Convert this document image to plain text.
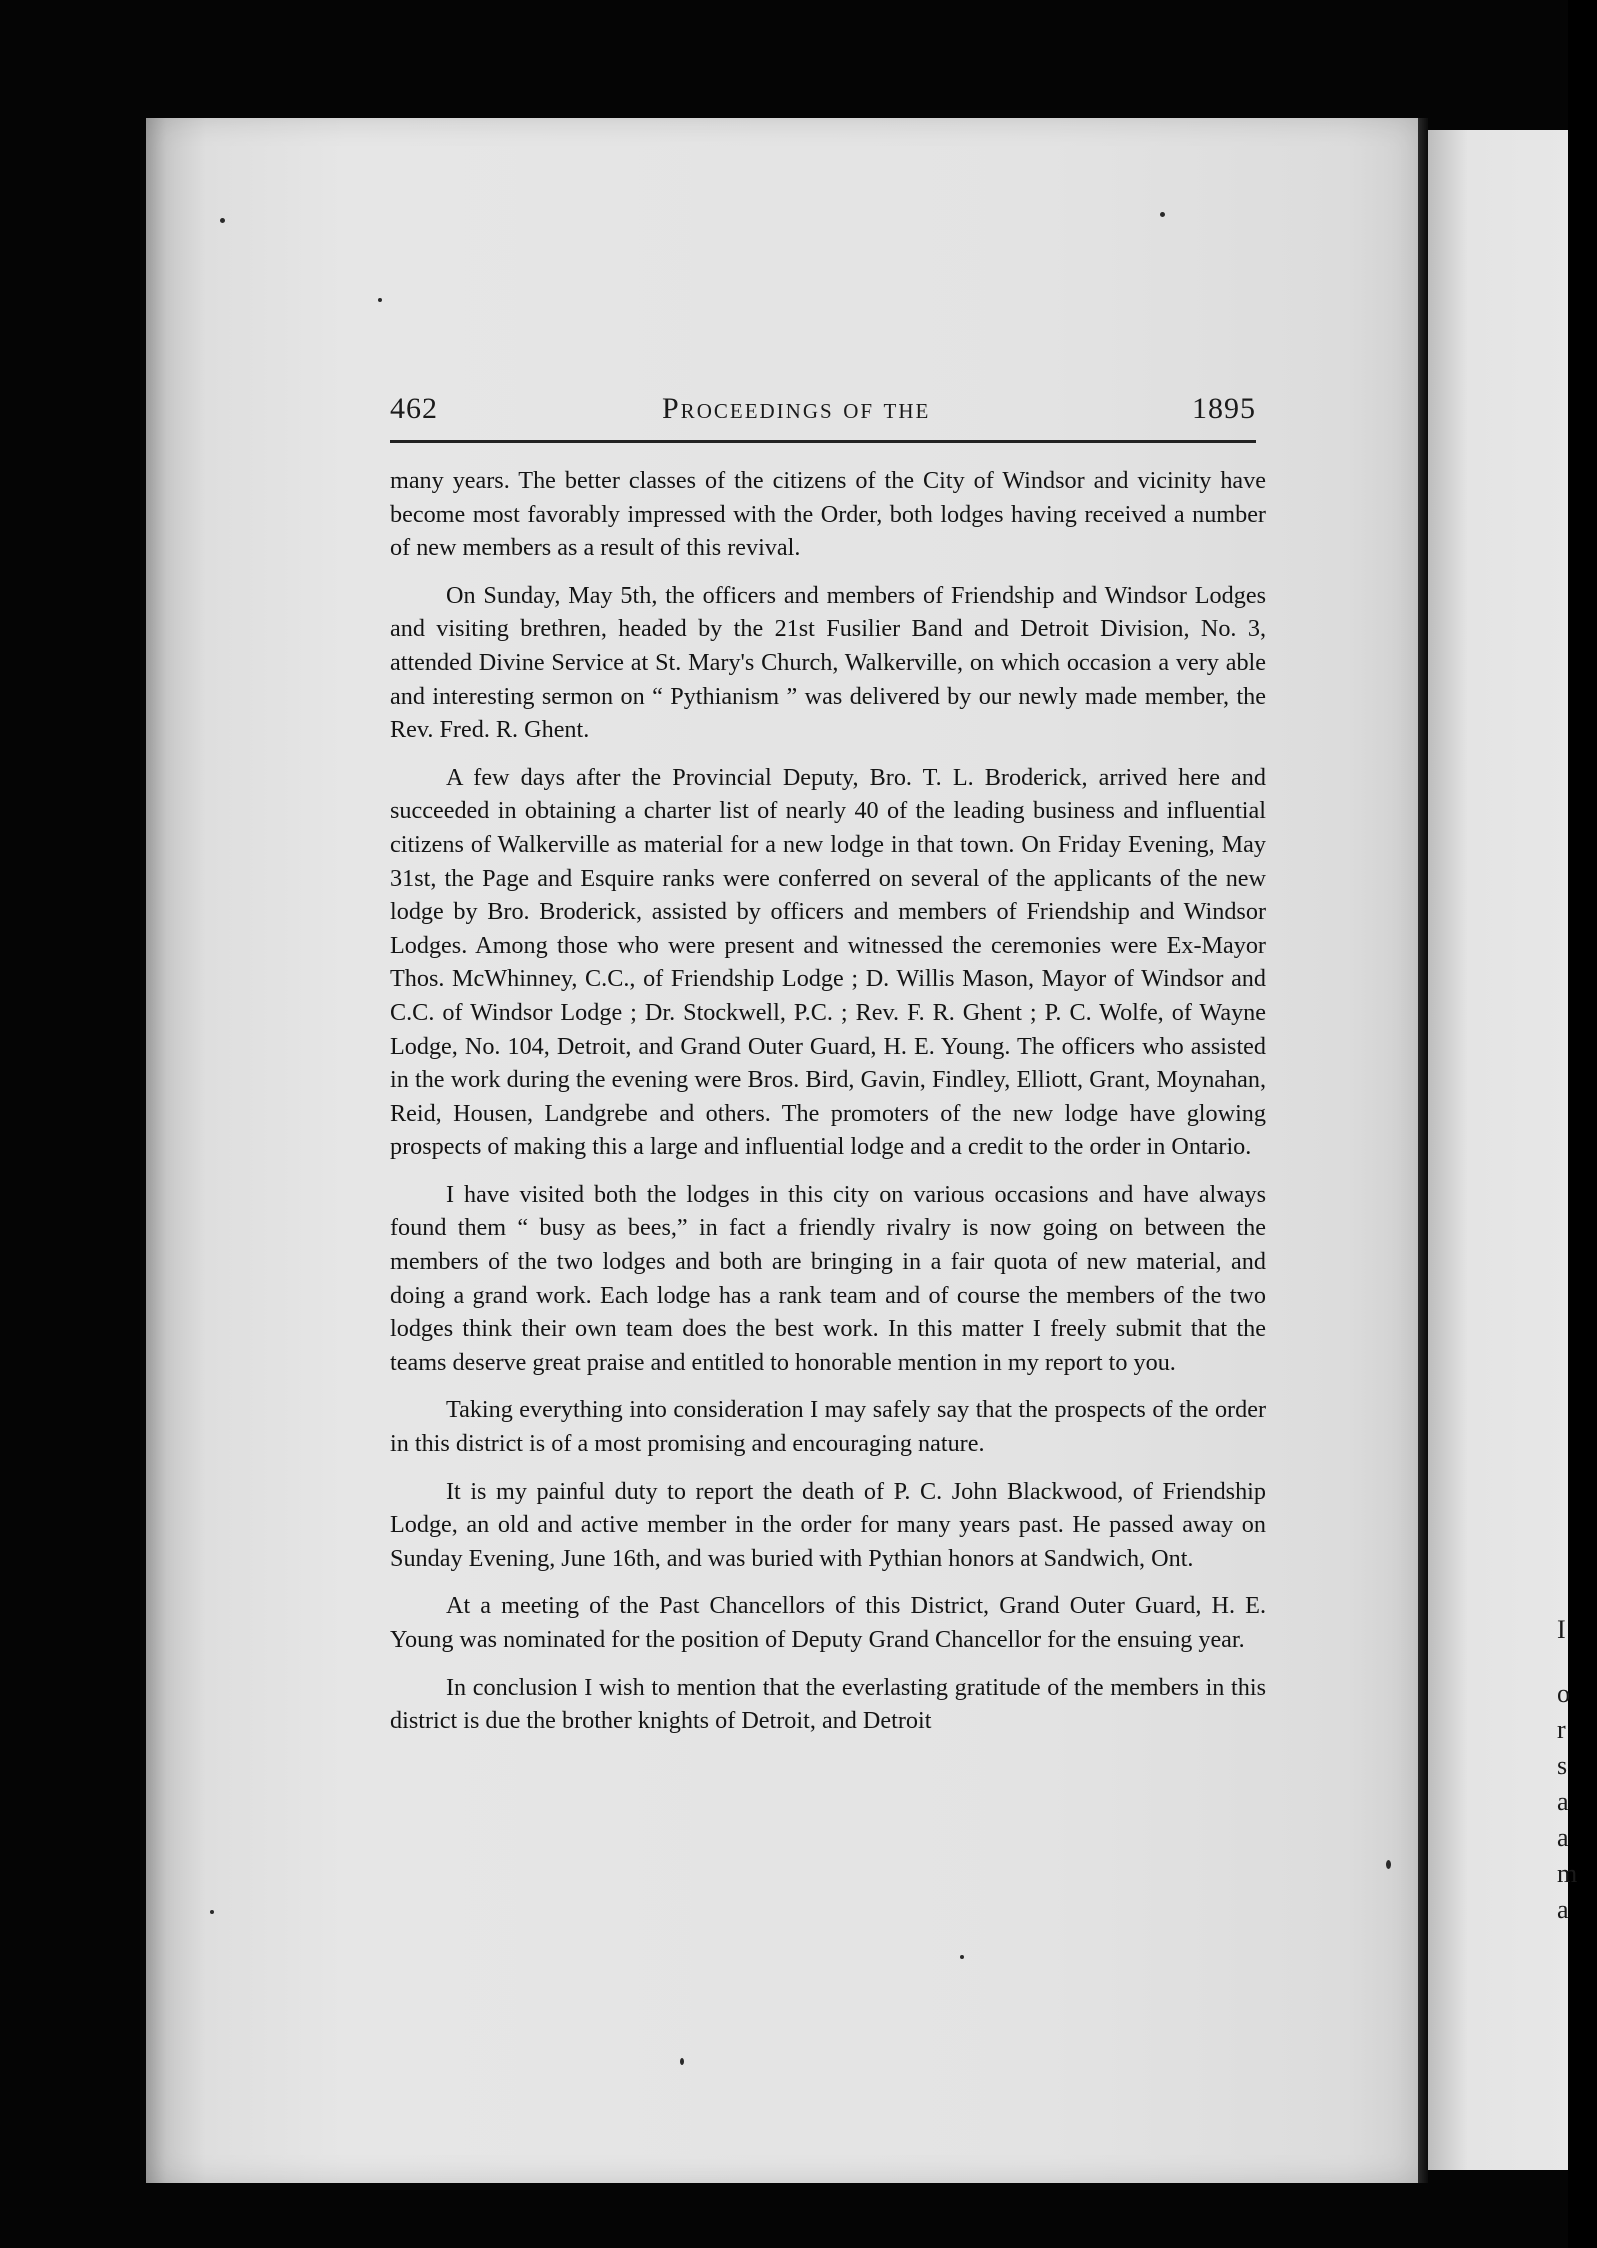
I
o
r
s
a
a
m
a
462	Proceedings of the	1895

many years. The better classes of the citizens of the City of Windsor and vicinity have become most favorably impressed with the Order, both lodges having received a number of new members as a result of this revival.

On Sunday, May 5th, the officers and members of Friendship and Windsor Lodges and visiting brethren, headed by the 21st Fusilier Band and Detroit Division, No. 3, attended Divine Service at St. Mary's Church, Walkerville, on which occasion a very able and interesting sermon on “ Pythianism ” was delivered by our newly made member, the Rev. Fred. R. Ghent.

A few days after the Provincial Deputy, Bro. T. L. Broderick, arrived here and succeeded in obtaining a charter list of nearly 40 of the leading business and influential citizens of Walkerville as material for a new lodge in that town. On Friday Evening, May 31st, the Page and Esquire ranks were conferred on several of the applicants of the new lodge by Bro. Broderick, assisted by officers and members of Friendship and Windsor Lodges. Among those who were present and witnessed the ceremonies were Ex-Mayor Thos. McWhinney, C.C., of Friendship Lodge ; D. Willis Mason, Mayor of Windsor and C.C. of Windsor Lodge ; Dr. Stockwell, P.C. ; Rev. F. R. Ghent ; P. C. Wolfe, of Wayne Lodge, No. 104, Detroit, and Grand Outer Guard, H. E. Young. The officers who assisted in the work during the evening were Bros. Bird, Gavin, Findley, Elliott, Grant, Moynahan, Reid, Housen, Landgrebe and others. The promoters of the new lodge have glowing prospects of making this a large and influential lodge and a credit to the order in Ontario.

I have visited both the lodges in this city on various occasions and have always found them “ busy as bees,” in fact a friendly rivalry is now going on between the members of the two lodges and both are bringing in a fair quota of new material, and doing a grand work. Each lodge has a rank team and of course the members of the two lodges think their own team does the best work. In this matter I freely submit that the teams deserve great praise and entitled to honorable mention in my report to you.

Taking everything into consideration I may safely say that the prospects of the order in this district is of a most promising and encouraging nature.

It is my painful duty to report the death of P. C. John Blackwood, of Friendship Lodge, an old and active member in the order for many years past. He passed away on Sunday Evening, June 16th, and was buried with Pythian honors at Sandwich, Ont.

At a meeting of the Past Chancellors of this District, Grand Outer Guard, H. E. Young was nominated for the position of Deputy Grand Chancellor for the ensuing year.

In conclusion I wish to mention that the everlasting gratitude of the members in this district is due the brother knights of Detroit, and Detroit
